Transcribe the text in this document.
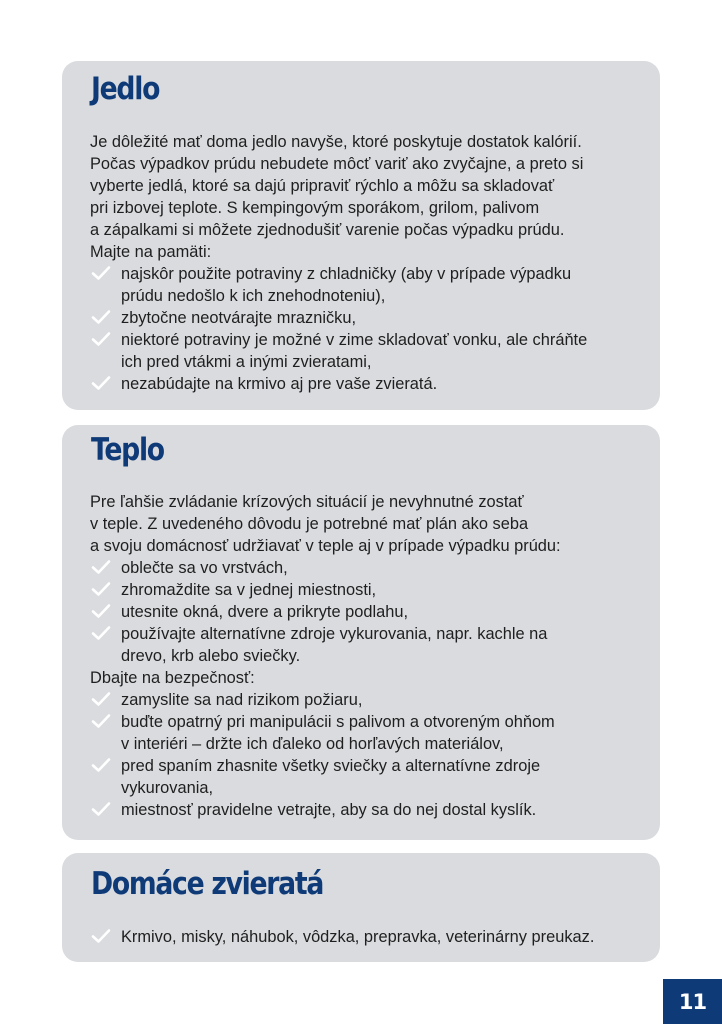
Jedlo

Je dôležité mať doma jedlo navyše, ktoré poskytuje dostatok kalórií.
Počas výpadkov prúdu nebudete môcť variť ako zvyčajne, a preto si
vyberte jedlá, ktoré sa dajú pripraviť rýchlo a môžu sa skladovať
pri izbovej teplote. S kempingovým sporákom, grilom, palivom
a zápalkami si môžete zjednodušiť varenie počas výpadku prúdu.
Majte na pamäti:

najskôr použite potraviny z chladničky (aby v prípade výpadku
prúdu nedošlo k ich znehodnoteniu),
zbytočne neotvárajte mrazničku,
niektoré potraviny je možné v zime skladovať vonku, ale chráňte
ich pred vtákmi a inými zvieratami,
nezabúdajte na krmivo aj pre vaše zvieratá.
Teplo

Pre ľahšie zvládanie krízových situácií je nevyhnutné zostať
v teple. Z uvedeného dôvodu je potrebné mať plán ako seba
a svoju domácnosť udržiavať v teple aj v prípade výpadku prúdu:

oblečte sa vo vrstvách,
zhromaždite sa v jednej miestnosti,
utesnite okná, dvere a prikryte podlahu,
používajte alternatívne zdroje vykurovania, napr. kachle na
drevo, krb alebo sviečky.

Dbajte na bezpečnosť:

zamyslite sa nad rizikom požiaru,
buďte opatrný pri manipulácii s palivom a otvoreným ohňom
v interiéri – držte ich ďaleko od horľavých materiálov,
pred spaním zhasnite všetky sviečky a alternatívne zdroje
vykurovania,
miestnosť pravidelne vetrajte, aby sa do nej dostal kyslík.
Domáce zvieratá
Krmivo, misky, náhubok, vôdzka, prepravka, veterinárny preukaz.
11
